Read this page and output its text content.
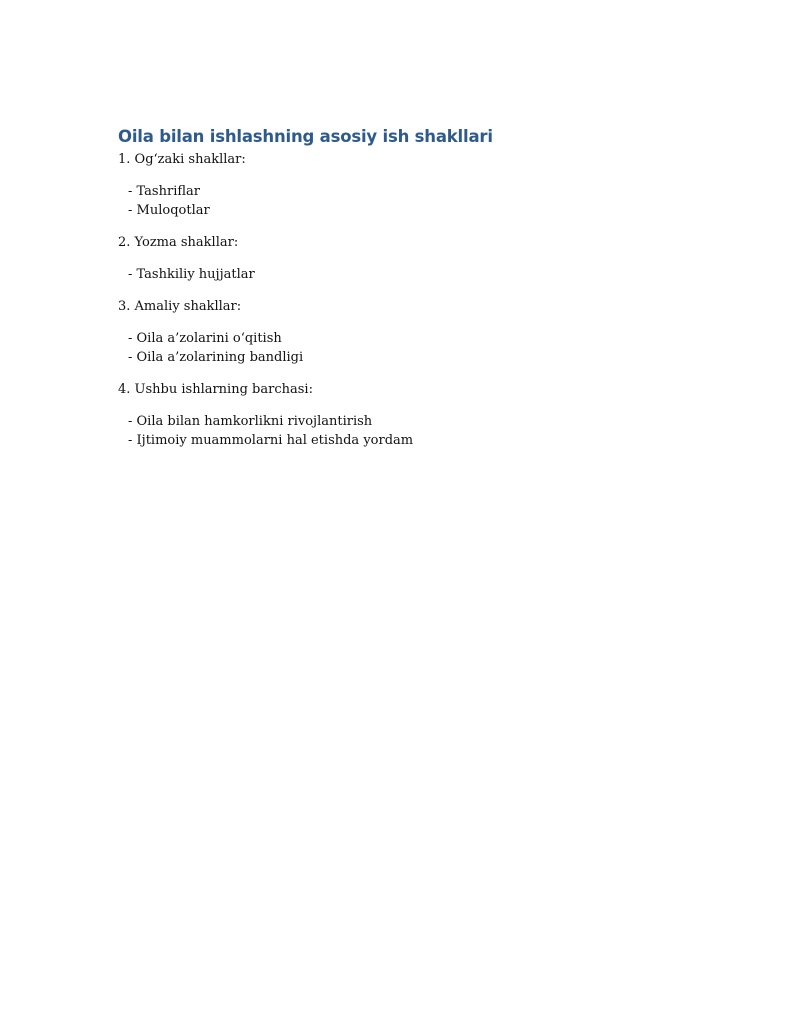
Oila bilan ishlashning asosiy ish shakllari

1. Og‘zaki shakllar:

- Tashriflar
- Muloqotlar

2. Yozma shakllar:

- Tashkiliy hujjatlar

3. Amaliy shakllar:

- Oila a’zolarini o‘qitish
- Oila a’zolarining bandligi

4. Ushbu ishlarning barchasi:

- Oila bilan hamkorlikni rivojlantirish
- Ijtimoiy muammolarni hal etishda yordam
